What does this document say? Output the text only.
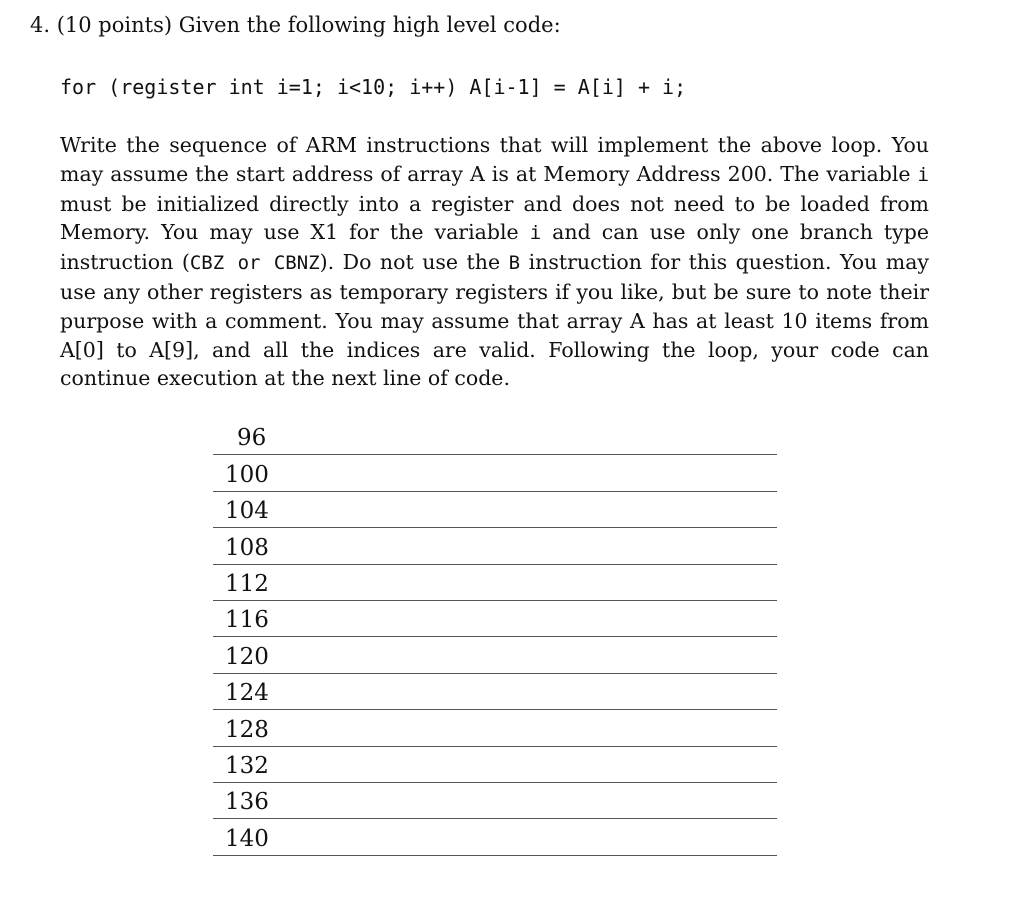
4. (10 points) Given the following high level code:
for (register int i=1; i<10; i++) A[i-1] = A[i] + i;

Write the sequence of ARM instructions that will implement the above loop. You may assume the start address of array A is at Memory Address 200. The variable i must be initialized directly into a register and does not need to be loaded from Memory. You may use X1 for the variable i and can use only one branch type instruction (CBZ or CBNZ). Do not use the B instruction for this question. You may use any other registers as temporary registers if you like, but be sure to note their purpose with a comment. You may assume that array A has at least 10 items from A[0] to A[9], and all the indices are valid. Following the loop, your code can continue execution at the next line of code.

96
100
104
108
112
116
120
124
128
132
136
140
